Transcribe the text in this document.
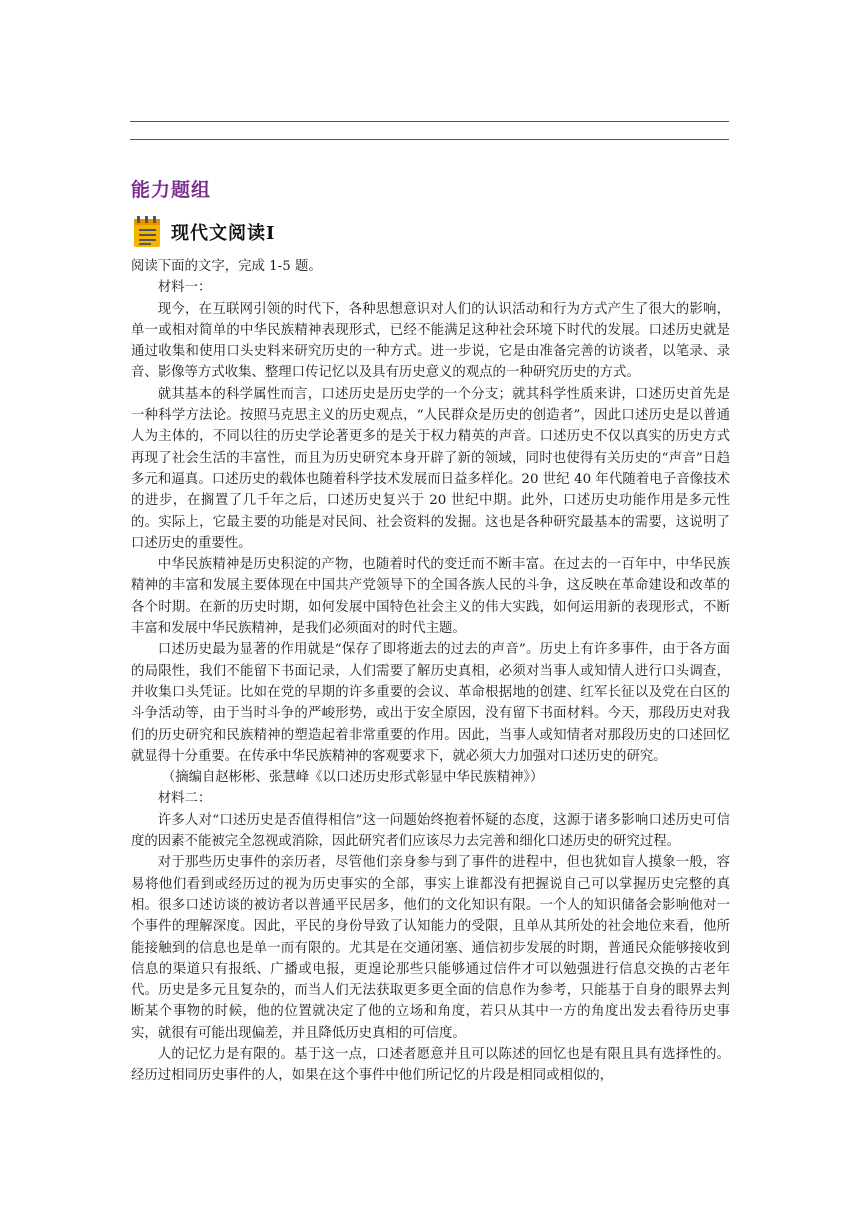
能力题组
现代文阅读Ⅰ

阅读下面的文字，完成 1-5 题。

材料一：

现今，在互联网引领的时代下，各种思想意识对人们的认识活动和行为方式产生了很大的影响，单一或相对简单的中华民族精神表现形式，已经不能满足这种社会环境下时代的发展。口述历史就是通过收集和使用口头史料来研究历史的一种方式。进一步说，它是由准备完善的访谈者，以笔录、录音、影像等方式收集、整理口传记忆以及具有历史意义的观点的一种研究历史的方式。

就其基本的科学属性而言，口述历史是历史学的一个分支；就其科学性质来讲，口述历史首先是一种科学方法论。按照马克思主义的历史观点，“人民群众是历史的创造者”，因此口述历史是以普通人为主体的，不同以往的历史学论著更多的是关于权力精英的声音。口述历史不仅以真实的历史方式再现了社会生活的丰富性，而且为历史研究本身开辟了新的领域，同时也使得有关历史的“声音”日趋多元和逼真。口述历史的载体也随着科学技术发展而日益多样化。20 世纪 40 年代随着电子音像技术的进步，在搁置了几千年之后，口述历史复兴于 20 世纪中期。此外，口述历史功能作用是多元性的。实际上，它最主要的功能是对民间、社会资料的发掘。这也是各种研究最基本的需要，这说明了口述历史的重要性。

中华民族精神是历史积淀的产物，也随着时代的变迁而不断丰富。在过去的一百年中，中华民族精神的丰富和发展主要体现在中国共产党领导下的全国各族人民的斗争，这反映在革命建设和改革的各个时期。在新的历史时期，如何发展中国特色社会主义的伟大实践，如何运用新的表现形式，不断丰富和发展中华民族精神，是我们必须面对的时代主题。

口述历史最为显著的作用就是“保存了即将逝去的过去的声音”。历史上有许多事件，由于各方面的局限性，我们不能留下书面记录，人们需要了解历史真相，必须对当事人或知情人进行口头调查，并收集口头凭证。比如在党的早期的许多重要的会议、革命根据地的创建、红军长征以及党在白区的斗争活动等，由于当时斗争的严峻形势，或出于安全原因，没有留下书面材料。今天，那段历史对我们的历史研究和民族精神的塑造起着非常重要的作用。因此，当事人或知情者对那段历史的口述回忆就显得十分重要。在传承中华民族精神的客观要求下，就必须大力加强对口述历史的研究。

（摘编自赵彬彬、张慧峰《以口述历史形式彰显中华民族精神》）

材料二：

许多人对“口述历史是否值得相信”这一问题始终抱着怀疑的态度，这源于诸多影响口述历史可信度的因素不能被完全忽视或消除，因此研究者们应该尽力去完善和细化口述历史的研究过程。

对于那些历史事件的亲历者，尽管他们亲身参与到了事件的进程中，但也犹如盲人摸象一般，容易将他们看到或经历过的视为历史事实的全部，事实上谁都没有把握说自己可以掌握历史完整的真相。很多口述访谈的被访者以普通平民居多，他们的文化知识有限。一个人的知识储备会影响他对一个事件的理解深度。因此，平民的身份导致了认知能力的受限，且单从其所处的社会地位来看，他所能接触到的信息也是单一而有限的。尤其是在交通闭塞、通信初步发展的时期，普通民众能够接收到信息的渠道只有报纸、广播或电报，更遑论那些只能够通过信件才可以勉强进行信息交换的古老年代。历史是多元且复杂的，而当人们无法获取更多更全面的信息作为参考，只能基于自身的眼界去判断某个事物的时候，他的位置就决定了他的立场和角度，若只从其中一方的角度出发去看待历史事实，就很有可能出现偏差，并且降低历史真相的可信度。

人的记忆力是有限的。基于这一点，口述者愿意并且可以陈述的回忆也是有限且具有选择性的。经历过相同历史事件的人，如果在这个事件中他们所记忆的片段是相同或相似的，
